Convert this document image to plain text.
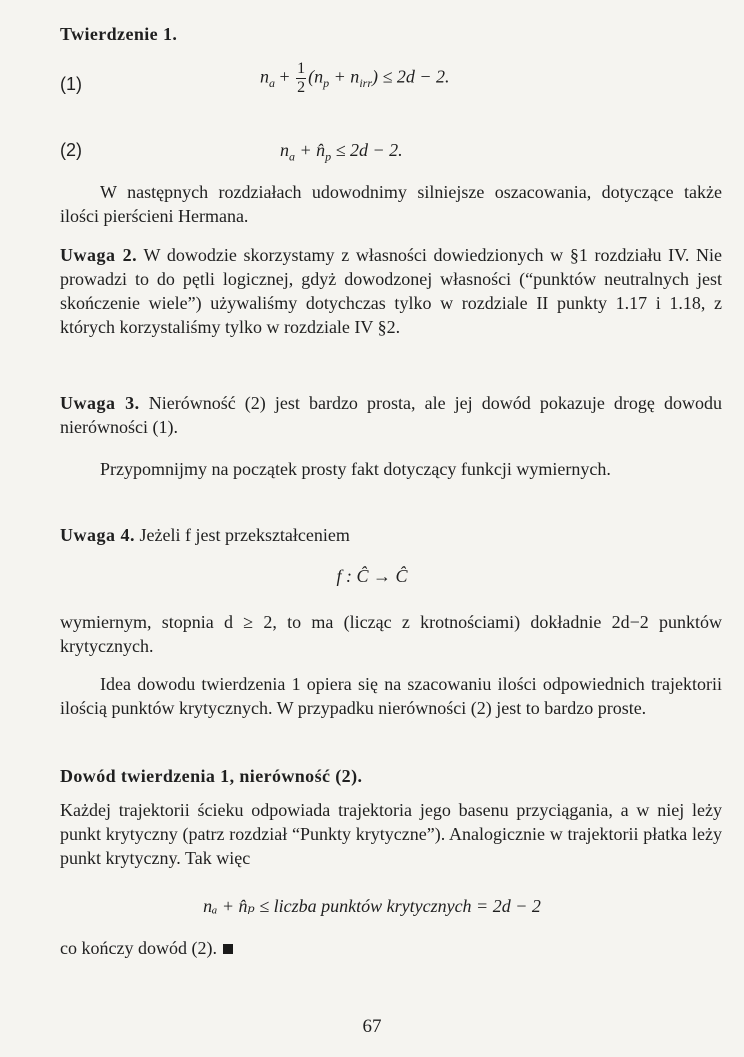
Twierdzenie 1.
(1)	$n_a + \frac{1}{2} (n_p + n_{irr}) \le 2d - 2$.
(2)	$n_a$ + $n̂_p \le 2d - 2$.
W następnych rozdziałach udowodnimy silniejsze oszacowania, dotyczące także ilości pierścieni Hermana.
Uwaga 2. W dowodzie skorzystamy z własności dowiedzionych w §1 rozdziału IV. Nie prowadzi to do pętli logicznej, gdyż dowodzonej własności (“punktów neutralnych jest skończenie wiele”) używaliśmy dotychczas tylko w rozdziale II punkty 1.17 i 1.18, z których korzystaliśmy tylko w rozdziale IV §2.
Uwaga 3. Nierówność (2) jest bardzo prosta, ale jej dowód pokazuje drogę dowodu nierówności (1).
Przypomnijmy na początek prosty fakt dotyczący funkcji wymiernych.
Uwaga 4. Jeżeli f jest przekształceniem
f : Ĉ → Ĉ
wymiernym, stopnia d ≥ 2, to ma (licząc z krotnościami) dokładnie 2d−2 punktów krytycznych.
Idea dowodu twierdzenia 1 opiera się na szacowaniu ilości odpowiednich trajektorii ilością punktów krytycznych. W przypadku nierówności (2) jest to bardzo proste.
Dowód twierdzenia 1, nierówność (2).
Każdej trajektorii ścieku odpowiada trajektoria jego basenu przyciągania, a w niej leży punkt krytyczny (patrz rozdział “Punkty krytyczne”). Analogicznie w trajektorii płatka leży punkt krytyczny. Tak więc
nₐ + n̂ₚ ≤ liczba punktów krytycznych = 2d − 2
co kończy dowód (2).
67
